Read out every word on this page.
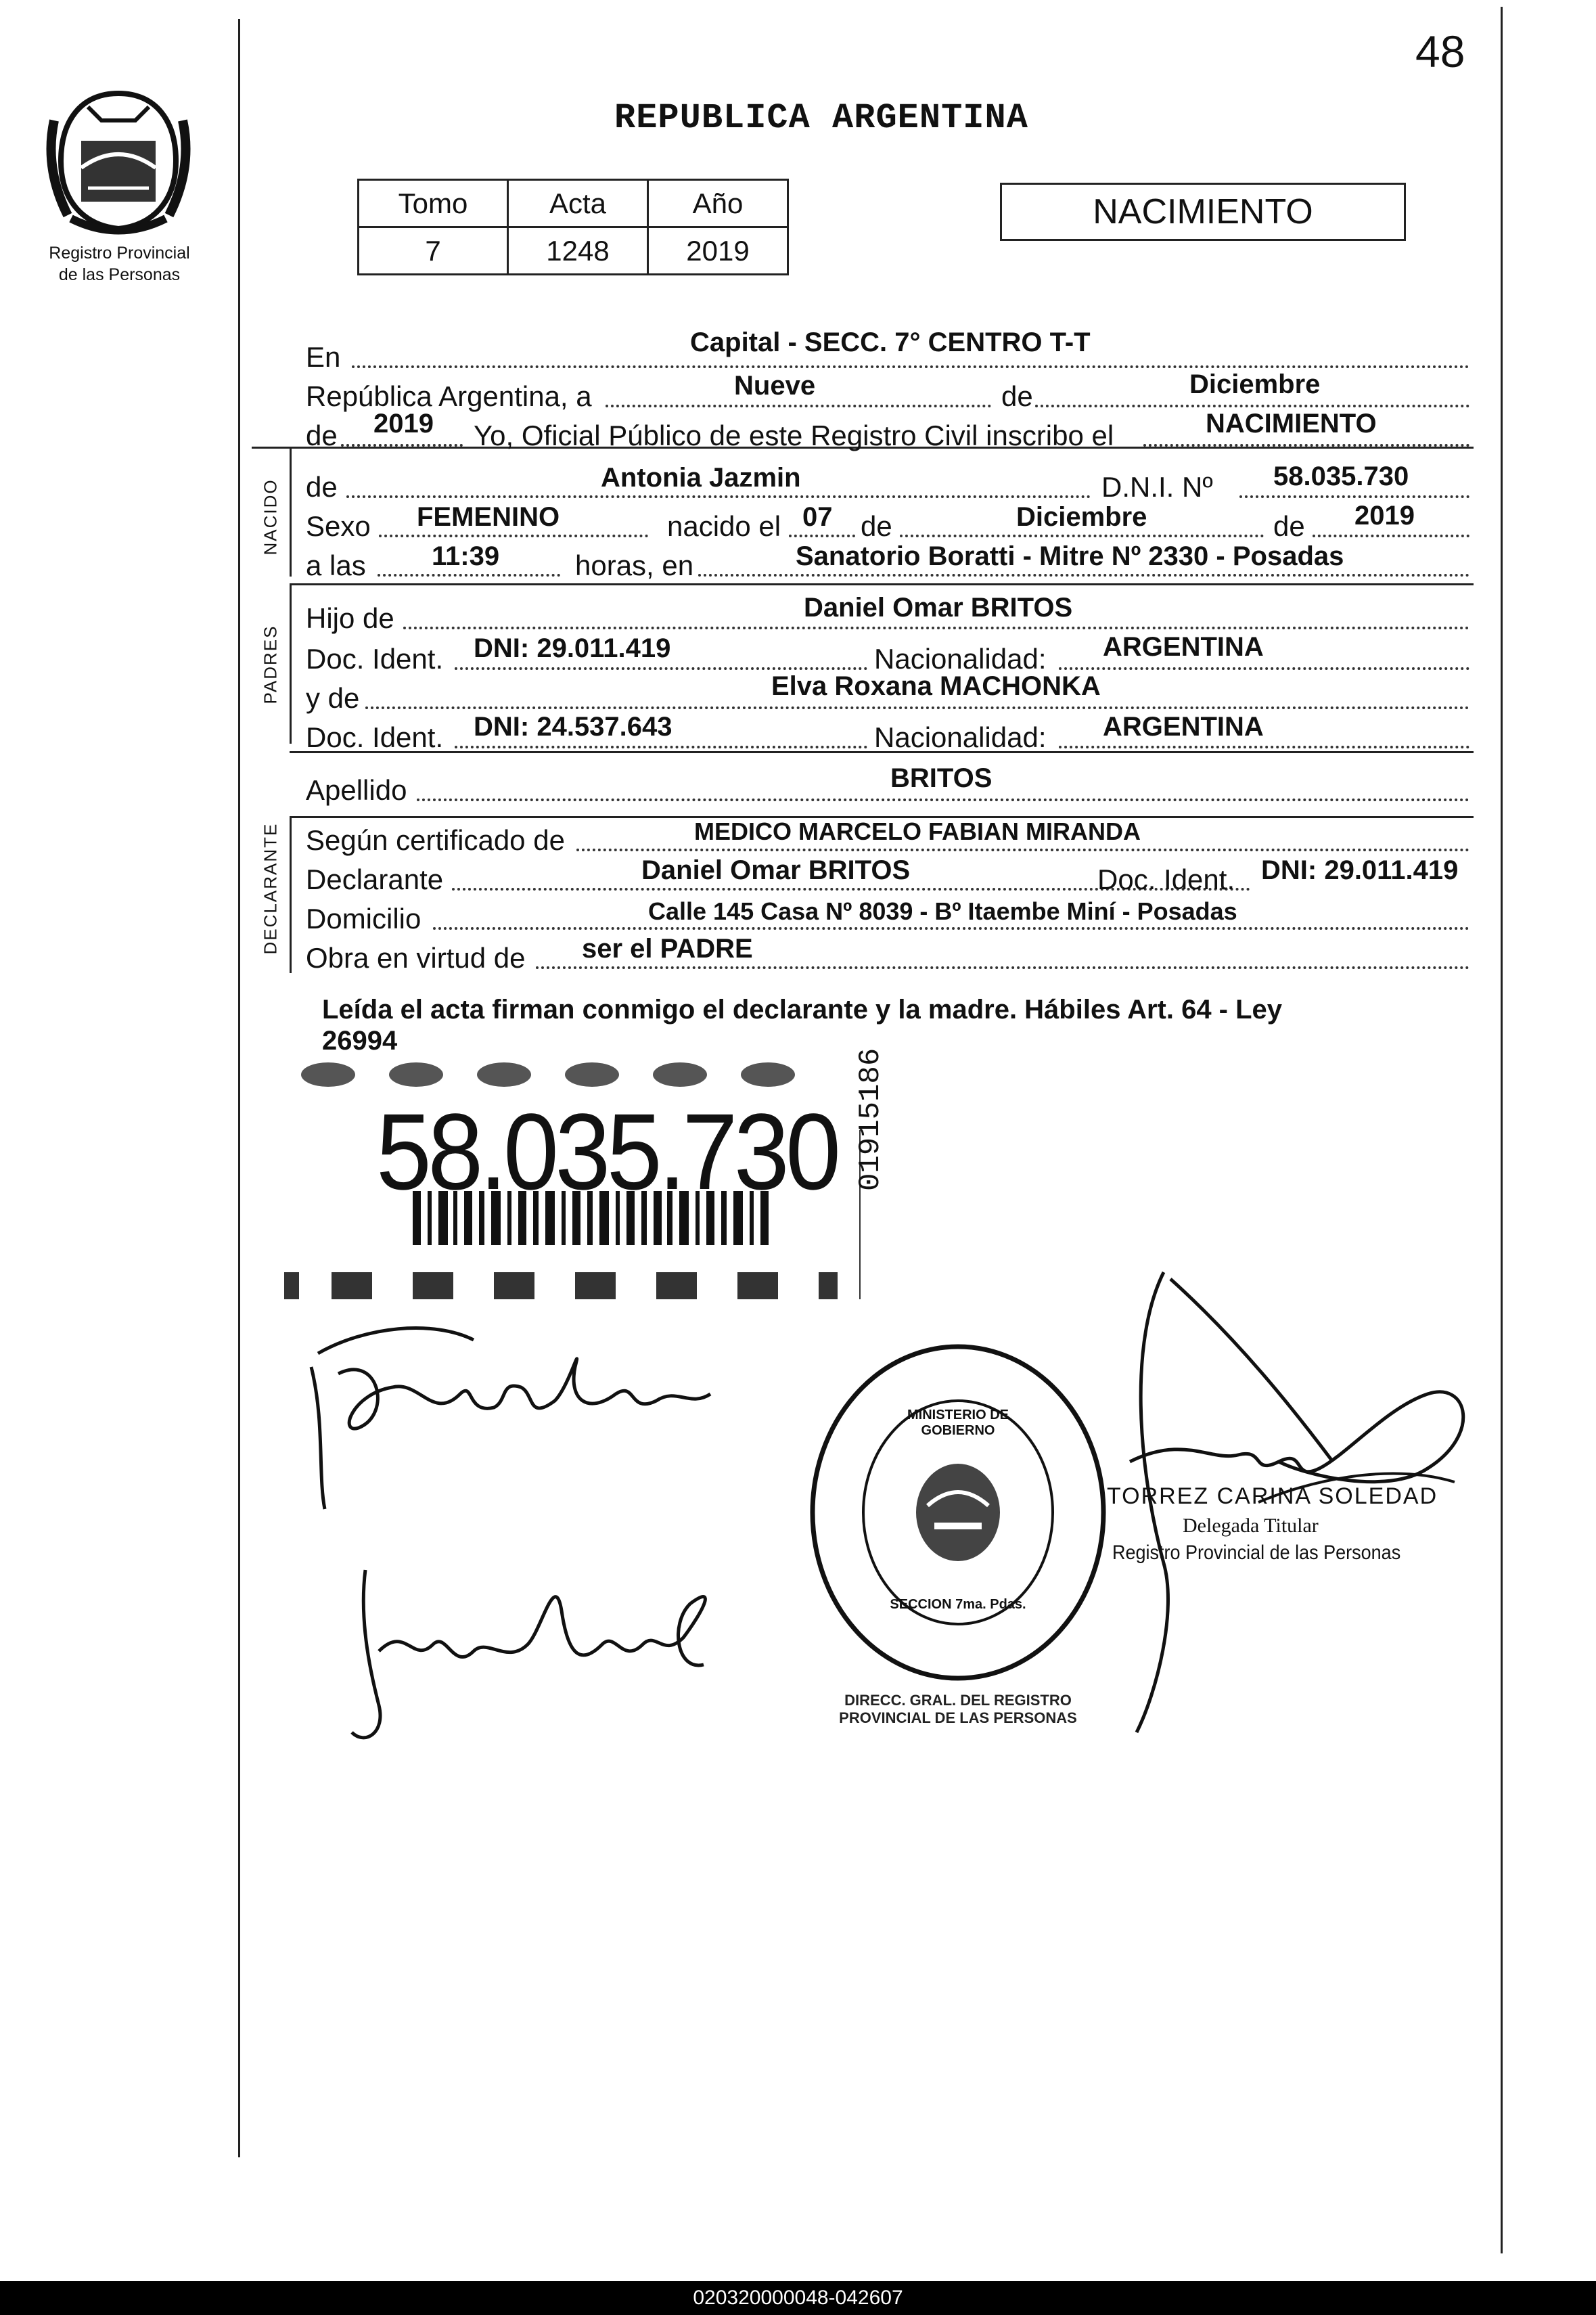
48
Registro Provincial
de las Personas
REPUBLICA ARGENTINA
Tomo	Acta	Año
7	1248	2019
NACIMIENTO
NACIDO
PADRES
DECLARANTE
En	Capital - SECC. 7° CENTRO T-T
República Argentina, a	Nueve	de	Diciembre
de 2019 Yo, Oficial Público de este Registro Civil inscribo el	NACIMIENTO
de	Antonia Jazmin	D.N.I. Nº 58.035.730
Sexo FEMENINO	nacido el 07 de	Diciembre	de 2019
a las 11:39	horas, en	Sanatorio Boratti - Mitre Nº 2330 - Posadas
Hijo de	Daniel Omar BRITOS
Doc. Ident. DNI: 29.011.419	Nacionalidad: ARGENTINA
y de	Elva Roxana MACHONKA
Doc. Ident. DNI: 24.537.643	Nacionalidad: ARGENTINA
Apellido	BRITOS
Según certificado de	MEDICO MARCELO FABIAN MIRANDA
Declarante	Daniel Omar BRITOS	Doc. Ident. DNI: 29.011.419
Domicilio	Calle 145 Casa Nº 8039 - Bº Itaembe Miní - Posadas
Obra en virtud de ser el PADRE
Leída el acta firman conmigo el declarante y la madre. Hábiles Art. 64 - Ley
26994
58.035.730 01915186
DIRECC. GRAL. DEL REGISTRO PROVINCIAL DE LAS PERSONAS
MINISTERIO DE GOBIERNO
SECCION 7ma. Pdas.
TORREZ CARINA SOLEDAD
Delegada Titular
Registro Provincial de las Personas
020320000048-042607
